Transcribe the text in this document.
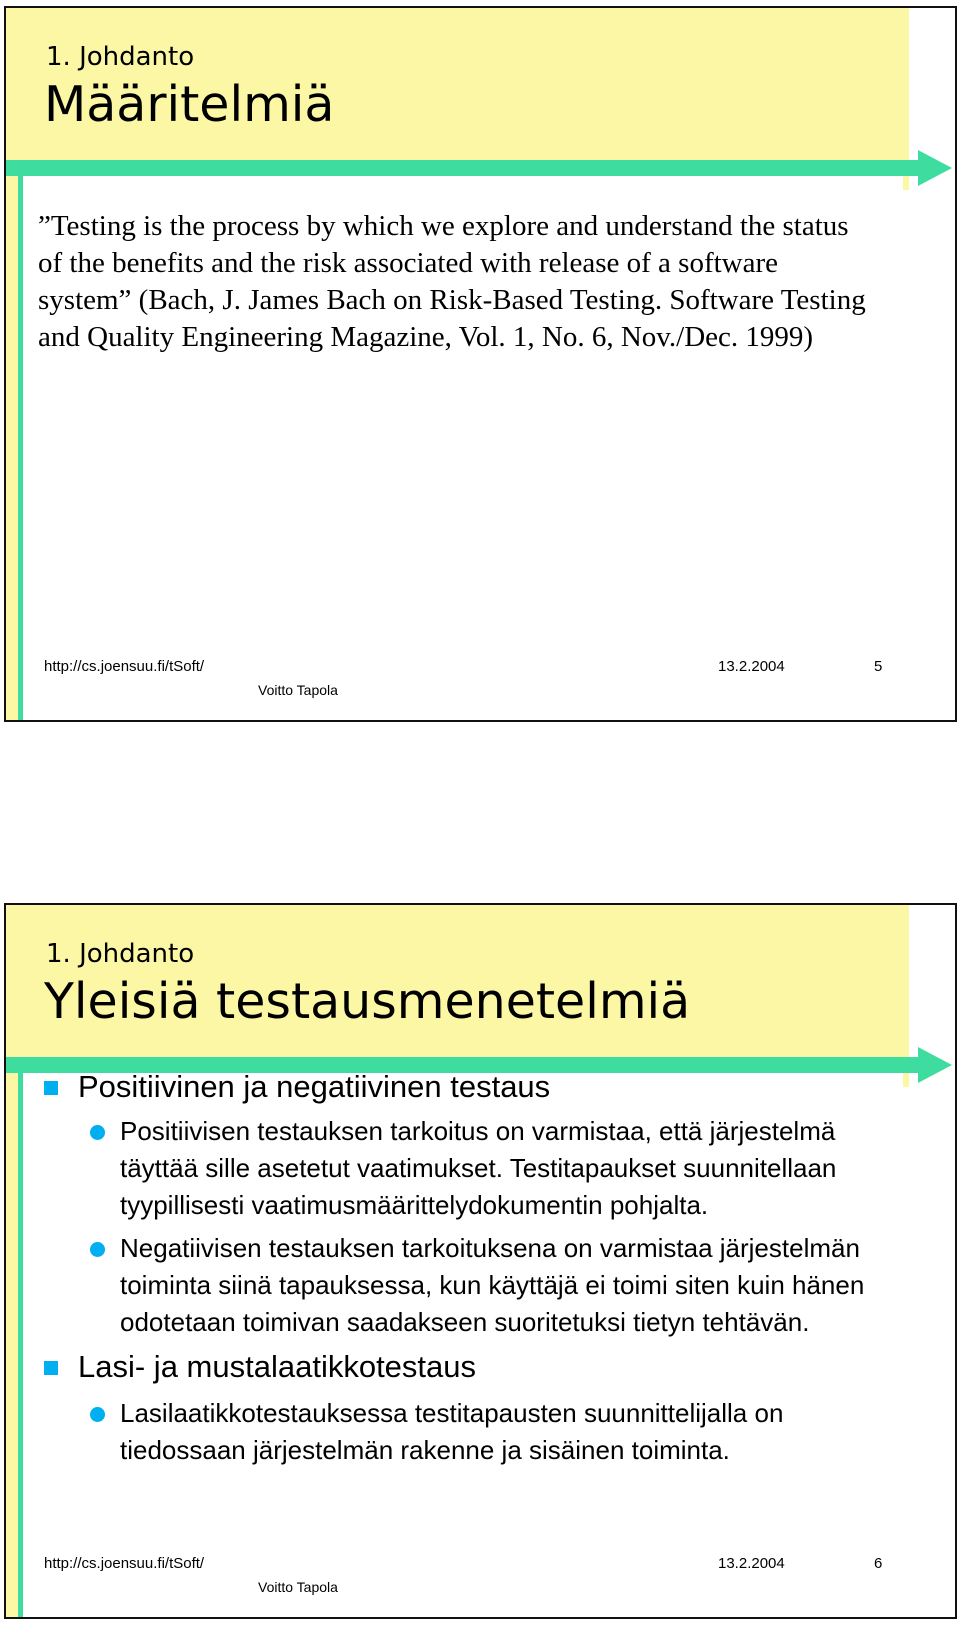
1. Johdanto
Määritelmiä

”Testing is the process by which we explore and understand the status of the benefits and the risk associated with release of a software system” (Bach, J. James Bach on Risk-Based Testing. Software Testing and Quality Engineering Magazine, Vol. 1, No. 6, Nov./Dec. 1999)

http://cs.joensuu.fi/tSoft/
Voitto Tapola
13.2.2004	5
1. Johdanto
Yleisiä testausmenetelmiä
Positiivinen ja negatiivinen testaus
Positiivisen testauksen tarkoitus on varmistaa, että järjestelmä täyttää sille asetetut vaatimukset. Testitapaukset suunnitellaan tyypillisesti vaatimusmäärittelydokumentin pohjalta.
Negatiivisen testauksen tarkoituksena on varmistaa järjestelmän toiminta siinä tapauksessa, kun käyttäjä ei toimi siten kuin hänen odotetaan toimivan saadakseen suoritetuksi tietyn tehtävän.
Lasi- ja mustalaatikkotestaus
Lasilaatikkotestauksessa testitapausten suunnittelijalla on tiedossaan järjestelmän rakenne ja sisäinen toiminta.
http://cs.joensuu.fi/tSoft/
Voitto Tapola
13.2.2004	6
